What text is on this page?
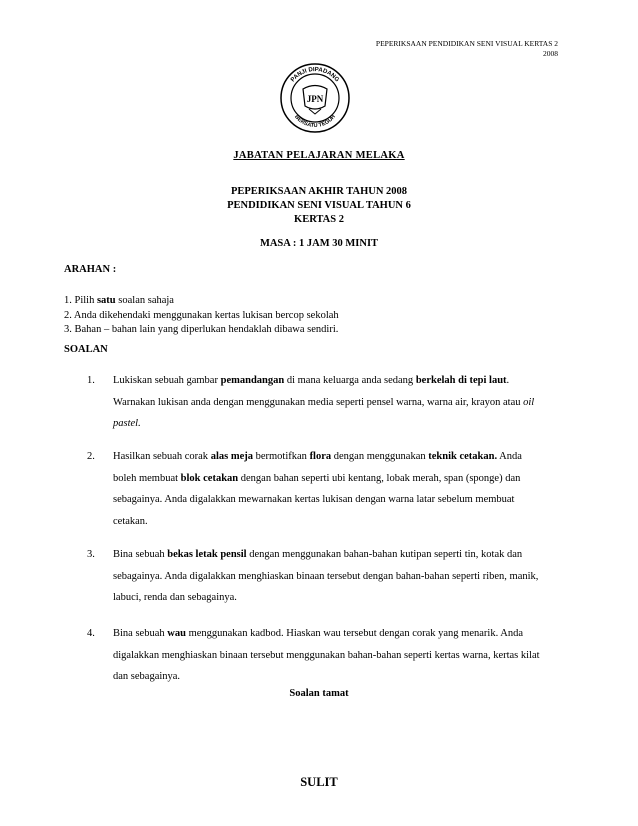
PEPERIKSAAN PENDIDIKAN SENI VISUAL KERTAS 2
2008
PANJI DIPADANG
BERSATU TEGUH
JPN
JABATAN PELAJARAN MELAKA
PEPERIKSAAN AKHIR TAHUN 2008
PENDIDIKAN SENI VISUAL TAHUN 6
KERTAS 2
MASA : 1 JAM 30 MINIT
ARAHAN :
1. Pilih satu soalan sahaja
2. Anda dikehendaki menggunakan kertas lukisan bercop sekolah
3. Bahan – bahan lain yang diperlukan hendaklah dibawa sendiri.
SOALAN
1. Lukiskan sebuah gambar pemandangan di mana keluarga anda sedang berkelah di tepi laut. Warnakan lukisan anda dengan menggunakan media seperti pensel warna, warna air, krayon atau oil pastel.
2. Hasilkan sebuah corak alas meja bermotifkan flora dengan menggunakan teknik cetakan. Anda boleh membuat blok cetakan dengan bahan seperti ubi kentang, lobak merah, span (sponge) dan sebagainya. Anda digalakkan mewarnakan kertas lukisan dengan warna latar sebelum membuat cetakan.
3. Bina sebuah bekas letak pensil dengan menggunakan bahan-bahan kutipan seperti tin, kotak dan sebagainya. Anda digalakkan menghiaskan binaan tersebut dengan bahan-bahan seperti riben, manik, labuci, renda dan sebagainya.
4. Bina sebuah wau menggunakan kadbod. Hiaskan wau tersebut dengan corak yang menarik. Anda digalakkan menghiaskan binaan tersebut menggunakan bahan-bahan seperti kertas warna, kertas kilat dan sebagainya.
Soalan tamat
SULIT
